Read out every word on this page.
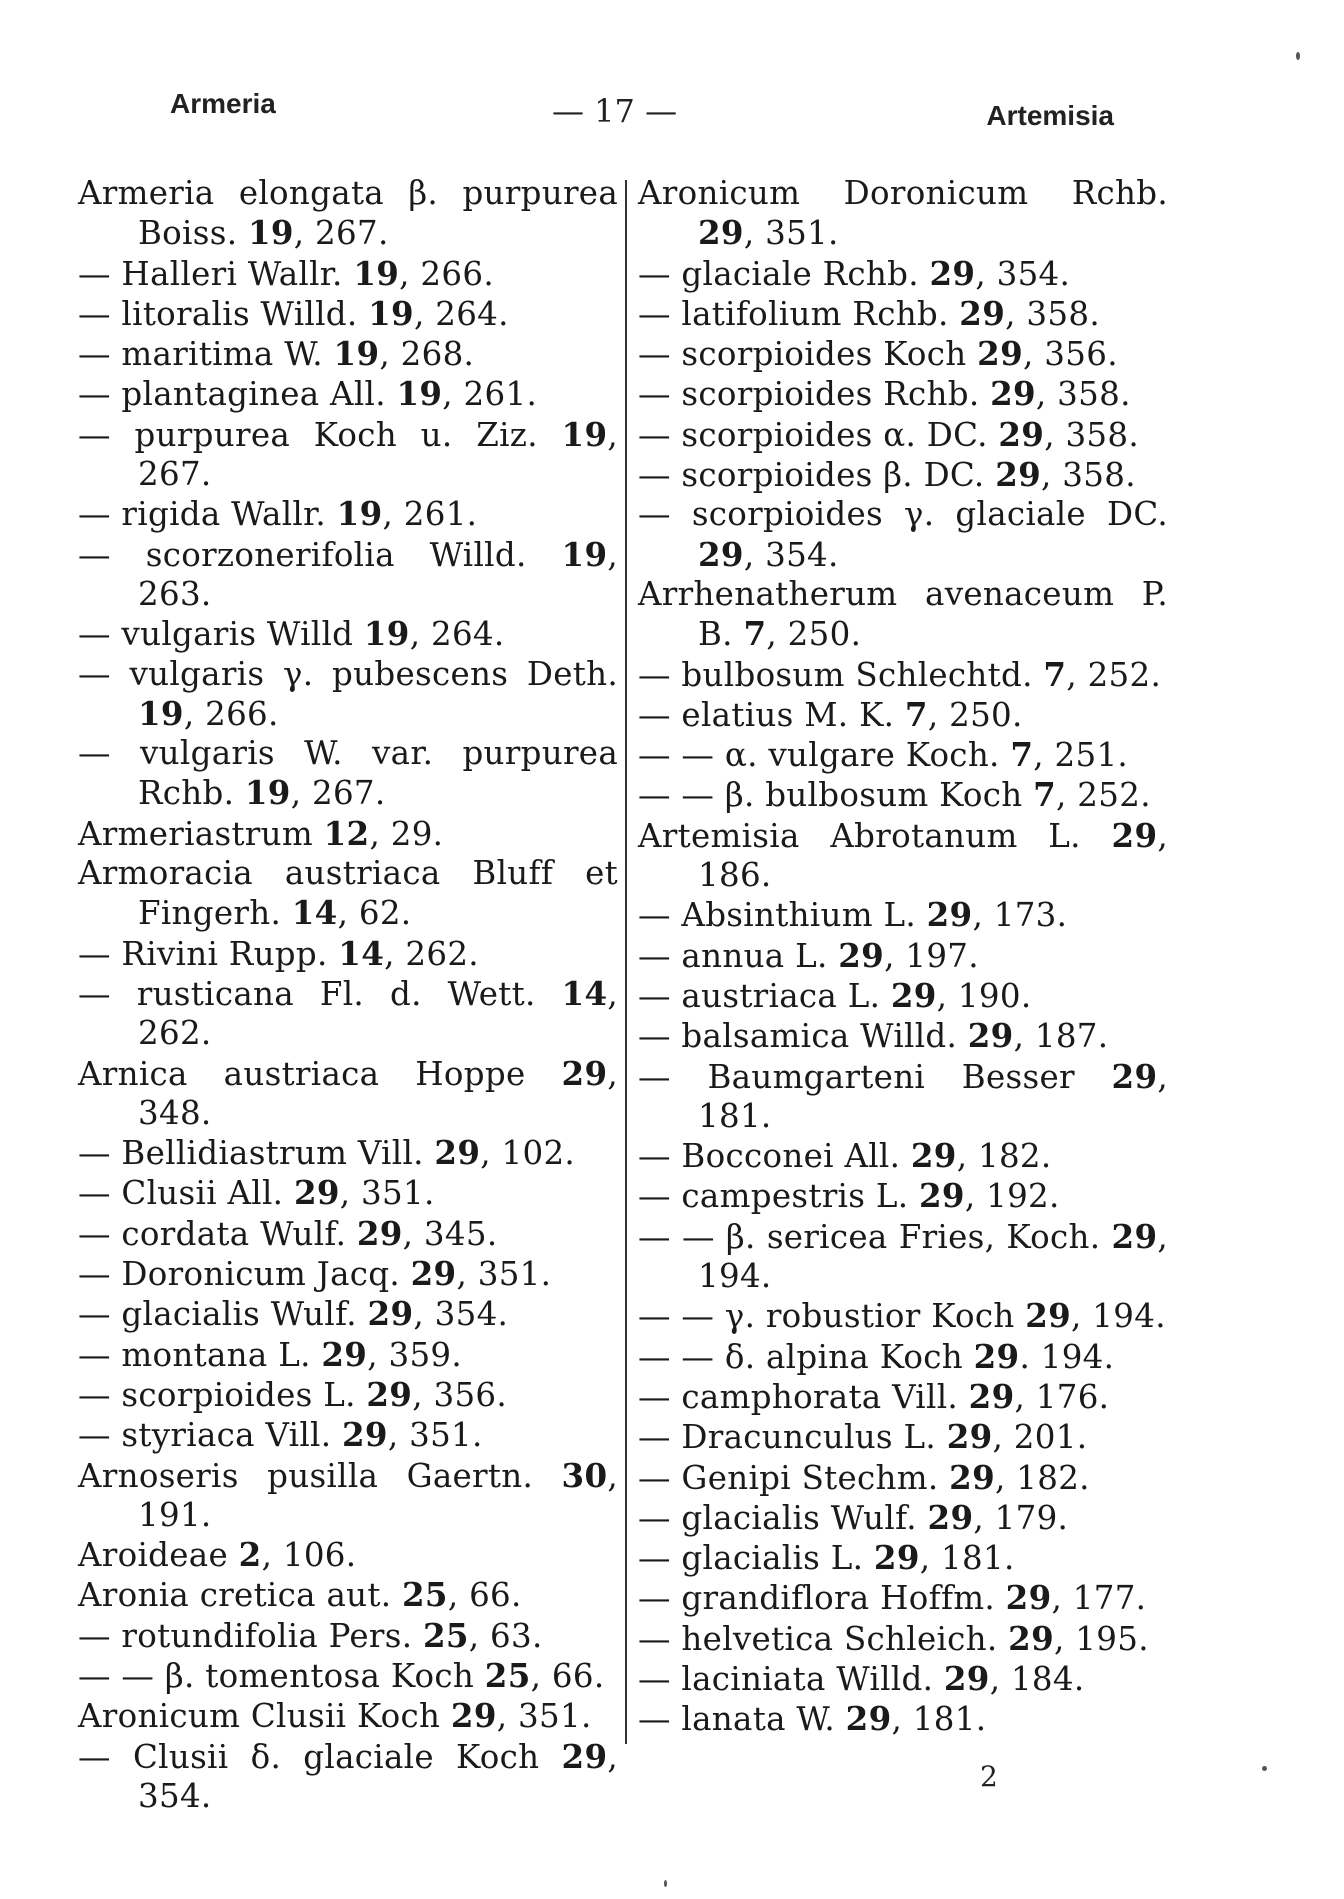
Armeria	— 17 —	Artemisia

Armeria elongata β. purpurea Boiss. 19, 267.

— Halleri Wallr. 19, 266.

— litoralis Willd. 19, 264.

— maritima W. 19, 268.

— plantaginea All. 19, 261.

— purpurea Koch u. Ziz. 19, 267.

— rigida Wallr. 19, 261.

— scorzonerifolia Willd. 19, 263.

— vulgaris Willd 19, 264.

— vulgaris γ. pubescens Deth. 19, 266.

— vulgaris W. var. purpurea Rchb. 19, 267.

Armeriastrum 12, 29.

Armoracia austriaca Bluff et Fingerh. 14, 62.

— Rivini Rupp. 14, 262.

— rusticana Fl. d. Wett. 14, 262.

Arnica austriaca Hoppe 29, 348.

— Bellidiastrum Vill. 29, 102.

— Clusii All. 29, 351.

— cordata Wulf. 29, 345.

— Doronicum Jacq. 29, 351.

— glacialis Wulf. 29, 354.

— montana L. 29, 359.

— scorpioides L. 29, 356.

— styriaca Vill. 29, 351.

Arnoseris pusilla Gaertn. 30, 191.

Aroideae 2, 106.

Aronia cretica aut. 25, 66.

— rotundifolia Pers. 25, 63.

— — β. tomentosa Koch 25, 66.

Aronicum Clusii Koch 29, 351.

— Clusii δ. glaciale Koch 29, 354.

Aronicum Doronicum Rchb. 29, 351.

— glaciale Rchb. 29, 354.

— latifolium Rchb. 29, 358.

— scorpioides Koch 29, 356.

— scorpioides Rchb. 29, 358.

— scorpioides α. DC. 29, 358.

— scorpioides β. DC. 29, 358.

— scorpioides γ. glaciale DC. 29, 354.

Arrhenatherum avenaceum P. B. 7, 250.

— bulbosum Schlechtd. 7, 252.

— elatius M. K. 7, 250.

— — α. vulgare Koch. 7, 251.

— — β. bulbosum Koch 7, 252.

Artemisia Abrotanum L. 29, 186.

— Absinthium L. 29, 173.

— annua L. 29, 197.

— austriaca L. 29, 190.

— balsamica Willd. 29, 187.

— Baumgarteni Besser 29, 181.

— Bocconei All. 29, 182.

— campestris L. 29, 192.

— — β. sericea Fries, Koch. 29, 194.

— — γ. robustior Koch 29, 194.

— — δ. alpina Koch 29. 194.

— camphorata Vill. 29, 176.

— Dracunculus L. 29, 201.

— Genipi Stechm. 29, 182.

— glacialis Wulf. 29, 179.

— glacialis L. 29, 181.

— grandiflora Hoffm. 29, 177.

— helvetica Schleich. 29, 195.

— laciniata Willd. 29, 184.

— lanata W. 29, 181.

2
